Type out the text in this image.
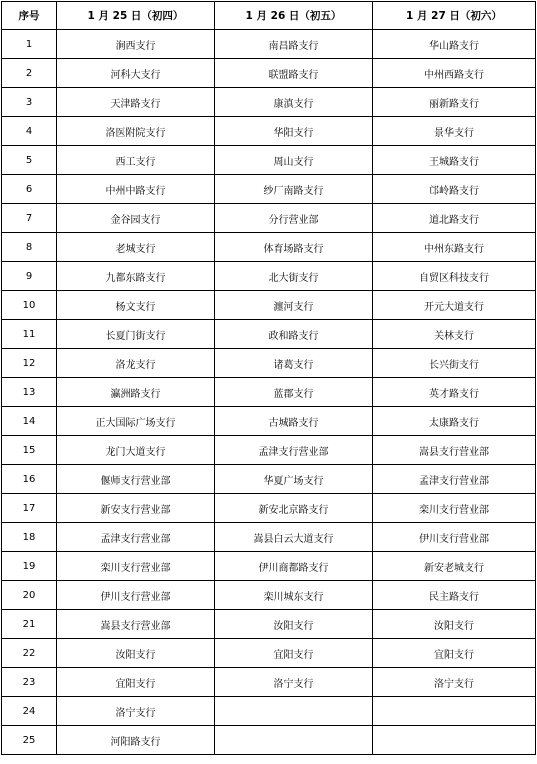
序号	1 月 25 日（初四）	1 月 26 日（初五）	1 月 27 日（初六）
1	涧西支行	南昌路支行	华山路支行
2	河科大支行	联盟路支行	中州西路支行
3	天津路支行	康滇支行	丽新路支行
4	洛医附院支行	华阳支行	景华支行
5	西工支行	周山支行	王城路支行
6	中州中路支行	纱厂南路支行	邙岭路支行
7	金谷园支行	分行营业部	道北路支行
8	老城支行	体育场路支行	中州东路支行
9	九都东路支行	北大街支行	自贸区科技支行
10	杨文支行	瀍河支行	开元大道支行
11	长夏门街支行	政和路支行	关林支行
12	洛龙支行	诸葛支行	长兴街支行
13	瀛洲路支行	蓝郡支行	英才路支行
14	正大国际广场支行	古城路支行	太康路支行
15	龙门大道支行	孟津支行营业部	嵩县支行营业部
16	偃师支行营业部	华夏广场支行	孟津支行营业部
17	新安支行营业部	新安北京路支行	栾川支行营业部
18	孟津支行营业部	嵩县白云大道支行	伊川支行营业部
19	栾川支行营业部	伊川商都路支行	新安老城支行
20	伊川支行营业部	栾川城东支行	民主路支行
21	嵩县支行营业部	汝阳支行	汝阳支行
22	汝阳支行	宜阳支行	宜阳支行
23	宜阳支行	洛宁支行	洛宁支行
24	洛宁支行		
25	河阳路支行		
